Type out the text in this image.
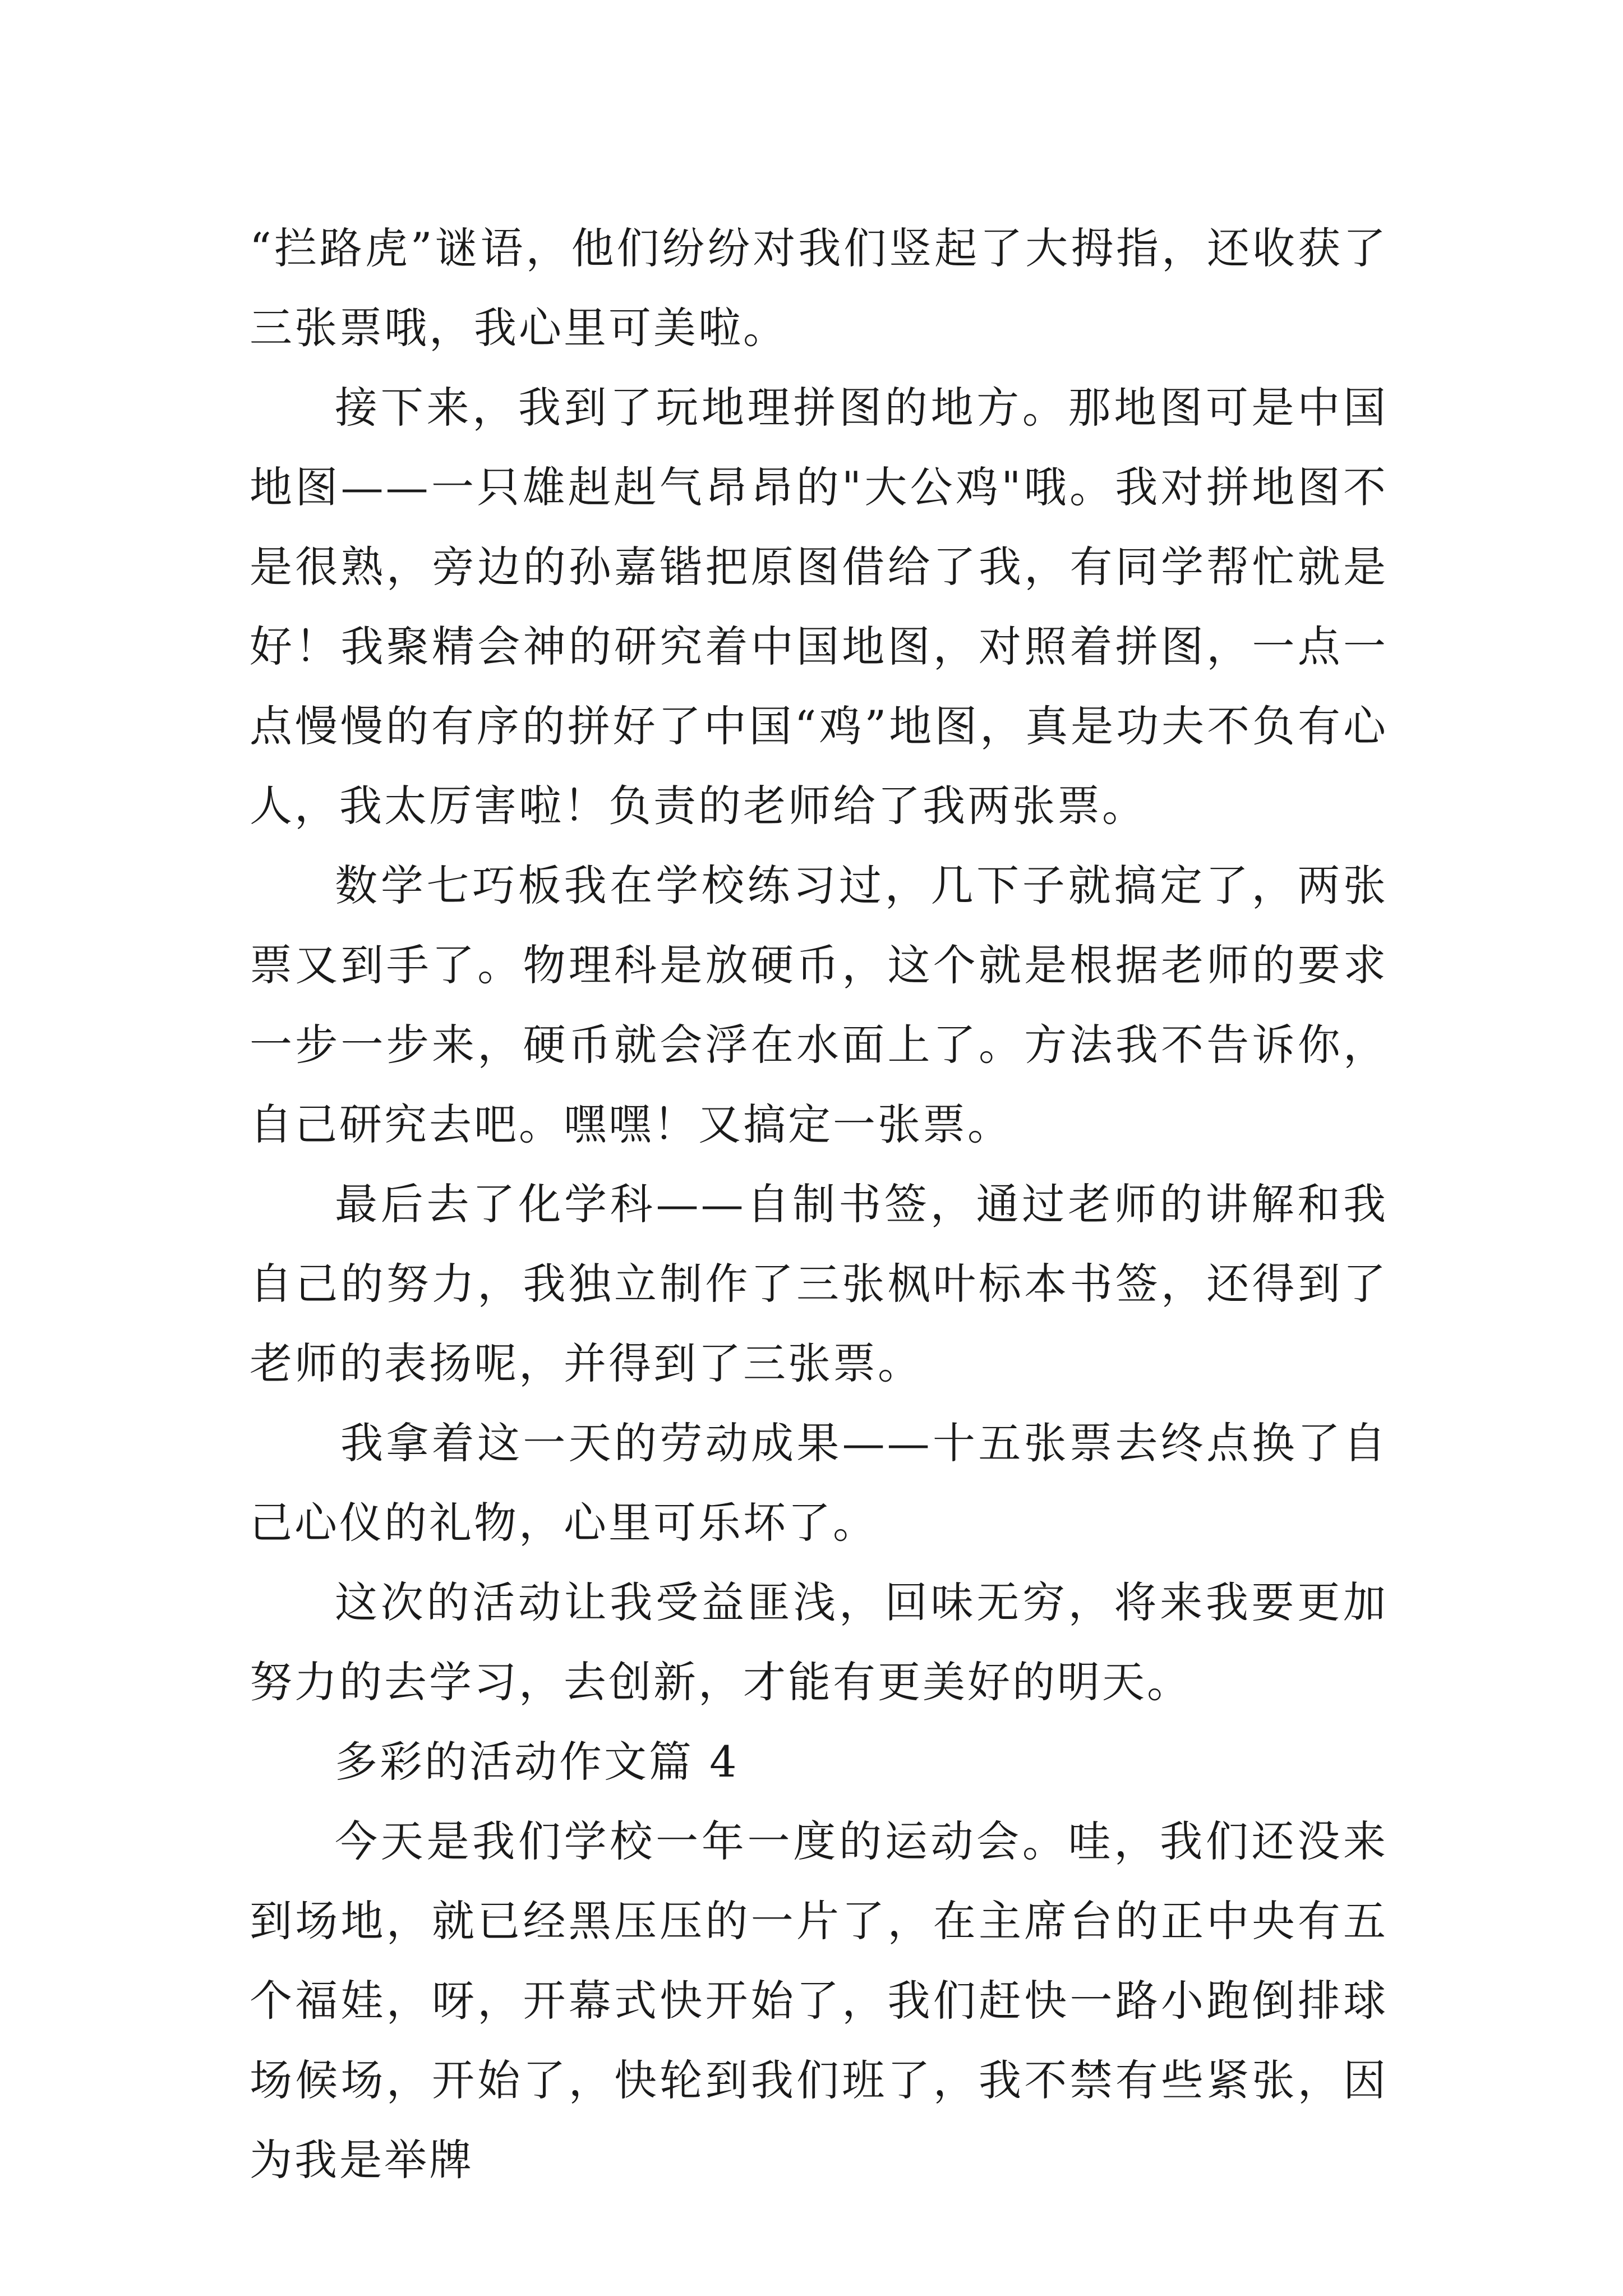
“拦路虎”谜语，他们纷纷对我们竖起了大拇指，还收获了三张票哦，我心里可美啦。

接下来，我到了玩地理拼图的地方。那地图可是中国地图——一只雄赳赳气昂昂的"大公鸡"哦。我对拼地图不是很熟，旁边的孙嘉锴把原图借给了我，有同学帮忙就是好！我聚精会神的研究着中国地图，对照着拼图，一点一点慢慢的有序的拼好了中国“鸡”地图，真是功夫不负有心人，我太厉害啦！负责的老师给了我两张票。

数学七巧板我在学校练习过，几下子就搞定了，两张票又到手了。物理科是放硬币，这个就是根据老师的要求一步一步来，硬币就会浮在水面上了。方法我不告诉你，自己研究去吧。嘿嘿！又搞定一张票。

最后去了化学科——自制书签，通过老师的讲解和我自己的努力，我独立制作了三张枫叶标本书签，还得到了老师的表扬呢，并得到了三张票。

我拿着这一天的劳动成果——十五张票去终点换了自己心仪的礼物，心里可乐坏了。

这次的活动让我受益匪浅，回味无穷，将来我要更加努力的去学习，去创新，才能有更美好的明天。

多彩的活动作文篇 4

今天是我们学校一年一度的运动会。哇，我们还没来到场地，就已经黑压压的一片了，在主席台的正中央有五个福娃，呀，开幕式快开始了，我们赶快一路小跑倒排球场候场，开始了，快轮到我们班了，我不禁有些紧张，因为我是举牌
